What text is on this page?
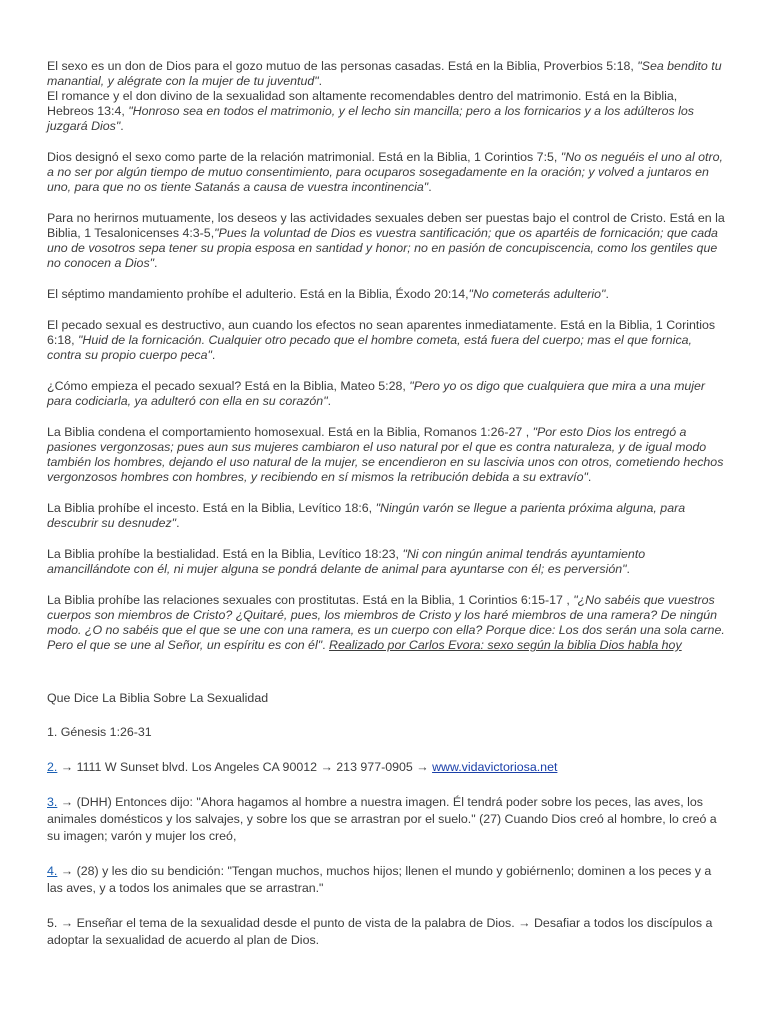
El sexo es un don de Dios para el gozo mutuo de las personas casadas. Está en la Biblia, Proverbios 5:18, "Sea bendito tu manantial, y alégrate con la mujer de tu juventud".

El romance y el don divino de la sexualidad son altamente recomendables dentro del matrimonio. Está en la Biblia, Hebreos 13:4, "Honroso sea en todos el matrimonio, y el lecho sin mancilla; pero a los fornicarios y a los adúlteros los juzgará Dios".

Dios designó el sexo como parte de la relación matrimonial. Está en la Biblia, 1 Corintios 7:5, "No os neguéis el uno al otro, a no ser por algún tiempo de mutuo consentimiento, para ocuparos sosegadamente en la oración; y volved a juntaros en uno, para que no os tiente Satanás a causa de vuestra incontinencia".

Para no herirnos mutuamente, los deseos y las actividades sexuales deben ser puestas bajo el control de Cristo. Está en la Biblia, 1 Tesalonicenses 4:3-5,"Pues la voluntad de Dios es vuestra santificación; que os apartéis de fornicación; que cada uno de vosotros sepa tener su propia esposa en santidad y honor; no en pasión de concupiscencia, como los gentiles que no conocen a Dios".

El séptimo mandamiento prohíbe el adulterio. Está en la Biblia, Éxodo 20:14,"No cometerás adulterio".

El pecado sexual es destructivo, aun cuando los efectos no sean aparentes inmediatamente. Está en la Biblia, 1 Corintios 6:18, "Huid de la fornicación. Cualquier otro pecado que el hombre cometa, está fuera del cuerpo; mas el que fornica, contra su propio cuerpo peca".

¿Cómo empieza el pecado sexual? Está en la Biblia, Mateo 5:28, "Pero yo os digo que cualquiera que mira a una mujer para codiciarla, ya adulteró con ella en su corazón".

La Biblia condena el comportamiento homosexual. Está en la Biblia, Romanos 1:26-27 , "Por esto Dios los entregó a pasiones vergonzosas; pues aun sus mujeres cambiaron el uso natural por el que es contra naturaleza, y de igual modo también los hombres, dejando el uso natural de la mujer, se encendieron en su lascivia unos con otros, cometiendo hechos vergonzosos hombres con hombres, y recibiendo en sí mismos la retribución debida a su extravío".

La Biblia prohíbe el incesto. Está en la Biblia, Levítico 18:6, "Ningún varón se llegue a parienta próxima alguna, para descubrir su desnudez".

La Biblia prohíbe la bestialidad. Está en la Biblia, Levítico 18:23, "Ni con ningún animal tendrás ayuntamiento amancillándote con él, ni mujer alguna se pondrá delante de animal para ayuntarse con él; es perversión".

La Biblia prohíbe las relaciones sexuales con prostitutas. Está en la Biblia, 1 Corintios 6:15-17 , "¿No sabéis que vuestros cuerpos son miembros de Cristo? ¿Quitaré, pues, los miembros de Cristo y los haré miembros de una ramera? De ningún modo. ¿O no sabéis que el que se une con una ramera, es un cuerpo con ella? Porque dice: Los dos serán una sola carne. Pero el que se une al Señor, un espíritu es con él". Realizado por Carlos Evora: sexo según la biblia Dios habla hoy

Que Dice La Biblia Sobre La Sexualidad

1. Génesis 1:26-31

2. → 1111 W Sunset blvd. Los Angeles CA 90012 → 213 977-0905 → www.vidavictoriosa.net

3. → (DHH) Entonces dijo: "Ahora hagamos al hombre a nuestra imagen. Él tendrá poder sobre los peces, las aves, los animales domésticos y los salvajes, y sobre los que se arrastran por el suelo." (27) Cuando Dios creó al hombre, lo creó a su imagen; varón y mujer los creó,

4. → (28) y les dio su bendición: "Tengan muchos, muchos hijos; llenen el mundo y gobiérnenlo; dominen a los peces y a las aves, y a todos los animales que se arrastran."

5. → Enseñar el tema de la sexualidad desde el punto de vista de la palabra de Dios. → Desafiar a todos los discípulos a adoptar la sexualidad de acuerdo al plan de Dios.
